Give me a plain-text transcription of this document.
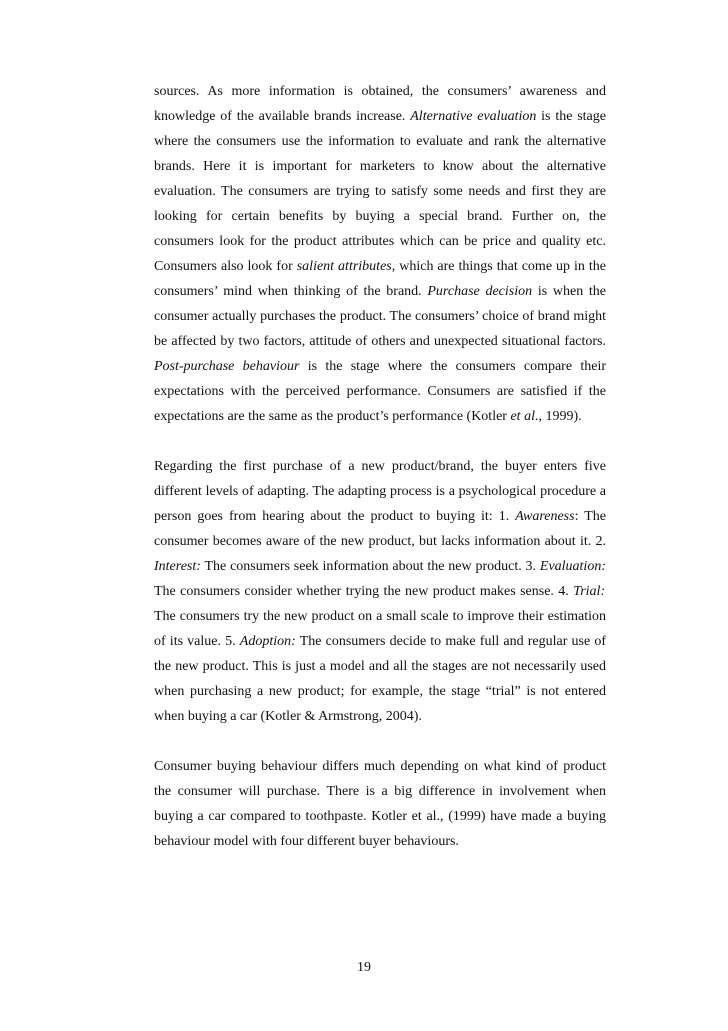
sources. As more information is obtained, the consumers’ awareness and knowledge of the available brands increase. Alternative evaluation is the stage where the consumers use the information to evaluate and rank the alternative brands. Here it is important for marketers to know about the alternative evaluation. The consumers are trying to satisfy some needs and first they are looking for certain benefits by buying a special brand. Further on, the consumers look for the product attributes which can be price and quality etc. Consumers also look for salient attributes, which are things that come up in the consumers’ mind when thinking of the brand. Purchase decision is when the consumer actually purchases the product. The consumers’ choice of brand might be affected by two factors, attitude of others and unexpected situational factors. Post-purchase behaviour is the stage where the consumers compare their expectations with the perceived performance. Consumers are satisfied if the expectations are the same as the product’s performance (Kotler et al., 1999).

Regarding the first purchase of a new product/brand, the buyer enters five different levels of adapting. The adapting process is a psychological procedure a person goes from hearing about the product to buying it: 1. Awareness: The consumer becomes aware of the new product, but lacks information about it. 2. Interest: The consumers seek information about the new product. 3. Evaluation: The consumers consider whether trying the new product makes sense. 4. Trial: The consumers try the new product on a small scale to improve their estimation of its value. 5. Adoption: The consumers decide to make full and regular use of the new product. This is just a model and all the stages are not necessarily used when purchasing a new product; for example, the stage “trial” is not entered when buying a car (Kotler & Armstrong, 2004).

Consumer buying behaviour differs much depending on what kind of product the consumer will purchase. There is a big difference in involvement when buying a car compared to toothpaste. Kotler et al., (1999) have made a buying behaviour model with four different buyer behaviours.

19
